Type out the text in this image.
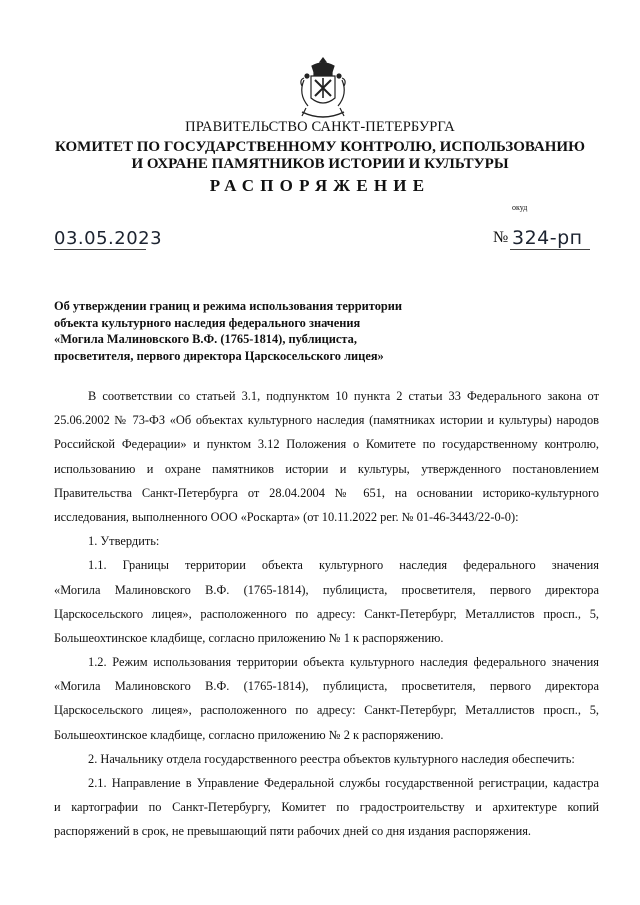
ПРАВИТЕЛЬСТВО САНКТ-ПЕТЕРБУРГА
КОМИТЕТ ПО ГОСУДАРСТВЕННОМУ КОНТРОЛЮ, ИСПОЛЬЗОВАНИЮ
И ОХРАНЕ ПАМЯТНИКОВ ИСТОРИИ И КУЛЬТУРЫ
РАСПОРЯЖЕНИЕ
окуд
03.05.2023	№ 324-рп
Об утверждении границ и режима использования территории
объекта культурного наследия федерального значения
«Могила Малиновского В.Ф. (1765-1814), публициста,
просветителя, первого директора Царскосельского лицея»
В соответствии со статьей 3.1, подпунктом 10 пункта 2 статьи 33 Федерального закона от
25.06.2002 № 73-ФЗ «Об объектах культурного наследия (памятниках истории и культуры) народов
Российской Федерации» и пунктом 3.12 Положения о Комитете по государственному контролю,
использованию и охране памятников истории и культуры, утвержденного постановлением
Правительства Санкт-Петербурга от 28.04.2004 № 651, на основании историко-культурного
исследования, выполненного ООО «Роскарта» (от 10.11.2022 рег. № 01-46-3443/22-0-0):
1. Утвердить:
1.1. Границы территории объекта культурного наследия федерального значения
«Могила Малиновского В.Ф. (1765-1814), публициста, просветителя, первого директора
Царскосельского лицея», расположенного по адресу: Санкт-Петербург, Металлистов просп., 5,
Большеохтинское кладбище, согласно приложению № 1 к распоряжению.
1.2. Режим использования территории объекта культурного наследия федерального значения
«Могила Малиновского В.Ф. (1765-1814), публициста, просветителя, первого директора
Царскосельского лицея», расположенного по адресу: Санкт-Петербург, Металлистов просп., 5,
Большеохтинское кладбище, согласно приложению № 2 к распоряжению.
2. Начальнику отдела государственного реестра объектов культурного наследия обеспечить:
2.1. Направление в Управление Федеральной службы государственной регистрации, кадастра
и картографии по Санкт-Петербургу, Комитет по градостроительству и архитектуре копий
распоряжений в срок, не превышающий пяти рабочих дней со дня издания распоряжения.
